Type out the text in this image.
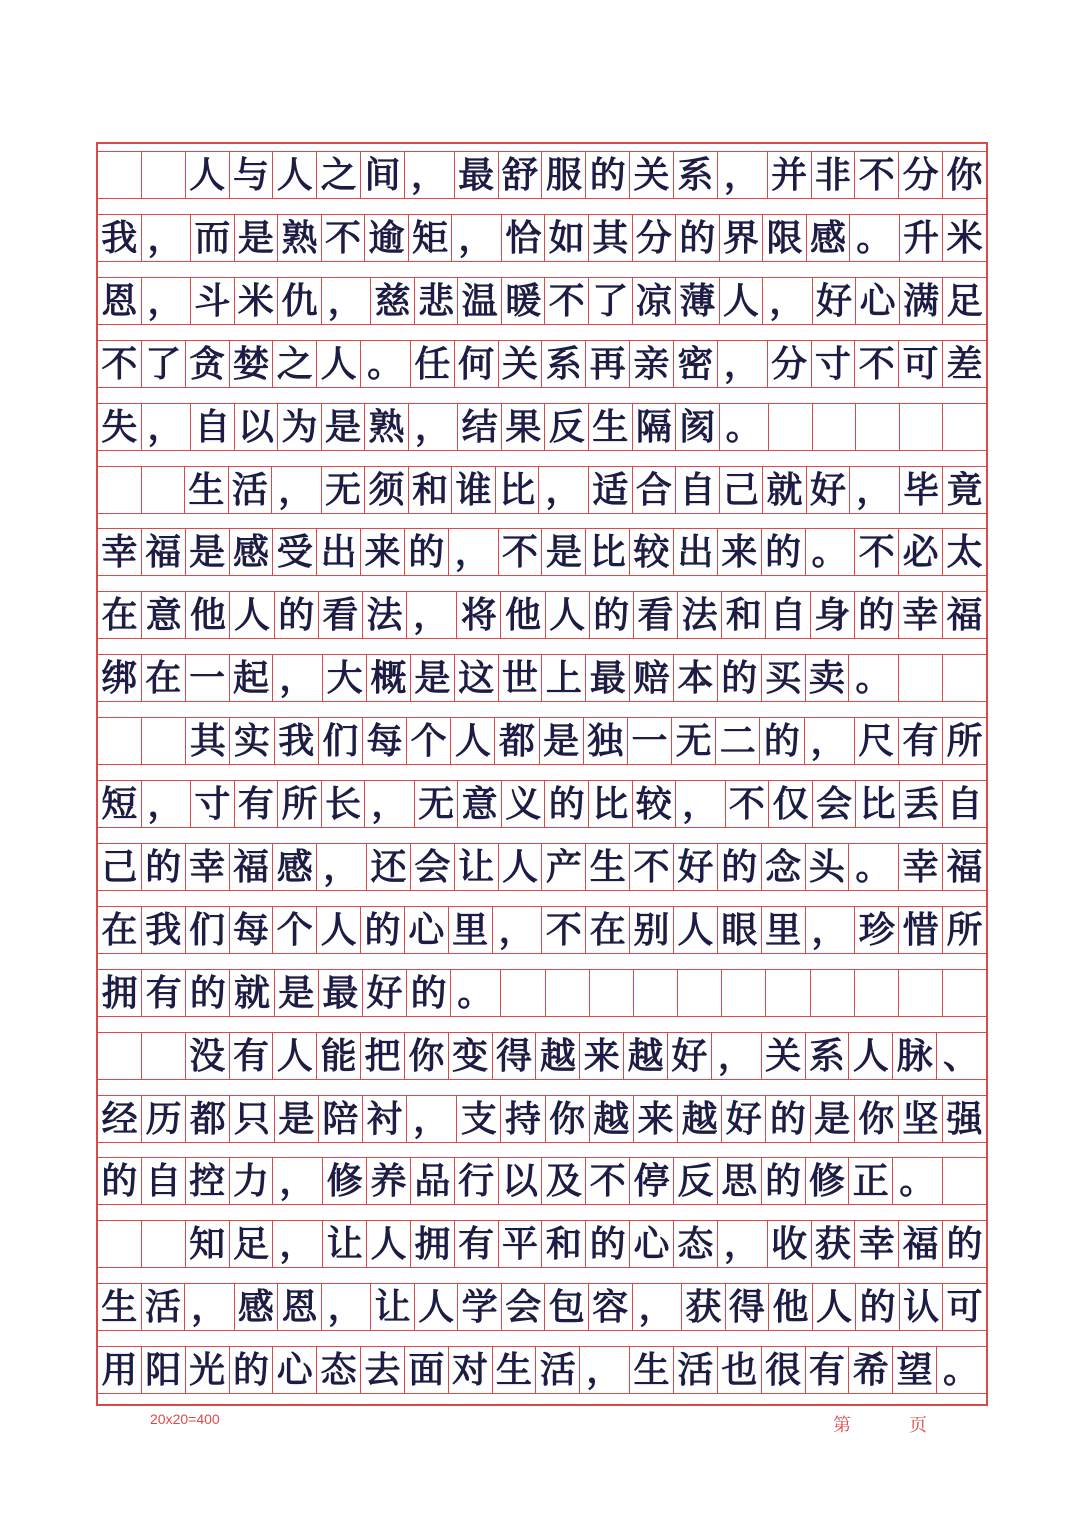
人 与 人 之 间 ， 最 舒 服 的 关 系 ， 并 非 不 分 你
我 ， 而 是 熟 不 逾 矩 ， 恰 如 其 分 的 界 限 感 。 升 米
恩 ， 斗 米 仇 ， 慈 悲 温 暖 不 了 凉 薄 人 ， 好 心 满 足
不 了 贪 婪 之 人 。 任 何 关 系 再 亲 密 ， 分 寸 不 可 差
失 ， 自 以 为 是 熟 ， 结 果 反 生 隔 阂 。
生 活 ， 无 须 和 谁 比 ， 适 合 自 己 就 好 ， 毕 竟
幸 福 是 感 受 出 来 的 ， 不 是 比 较 出 来 的 。 不 必 太
在 意 他 人 的 看 法 ， 将 他 人 的 看 法 和 自 身 的 幸 福
绑 在 一 起 ， 大 概 是 这 世 上 最 赔 本 的 买 卖 。
其 实 我 们 每 个 人 都 是 独 一 无 二 的 ， 尺 有 所
短 ， 寸 有 所 长 ， 无 意 义 的 比 较 ， 不 仅 会 比 丢 自
己 的 幸 福 感 ， 还 会 让 人 产 生 不 好 的 念 头 。 幸 福
在 我 们 每 个 人 的 心 里 ， 不 在 别 人 眼 里 ， 珍 惜 所
拥 有 的 就 是 最 好 的 。
没 有 人 能 把 你 变 得 越 来 越 好 ， 关 系 人 脉 、
经 历 都 只 是 陪 衬 ， 支 持 你 越 来 越 好 的 是 你 坚 强
的 自 控 力 ， 修 养 品 行 以 及 不 停 反 思 的 修 正 。
知 足 ， 让 人 拥 有 平 和 的 心 态 ， 收 获 幸 福 的
生 活 ， 感 恩 ， 让 人 学 会 包 容 ， 获 得 他 人 的 认 可
用 阳 光 的 心 态 去 面 对 生 活 ， 生 活 也 很 有 希 望 。
20x20=400	第	页
